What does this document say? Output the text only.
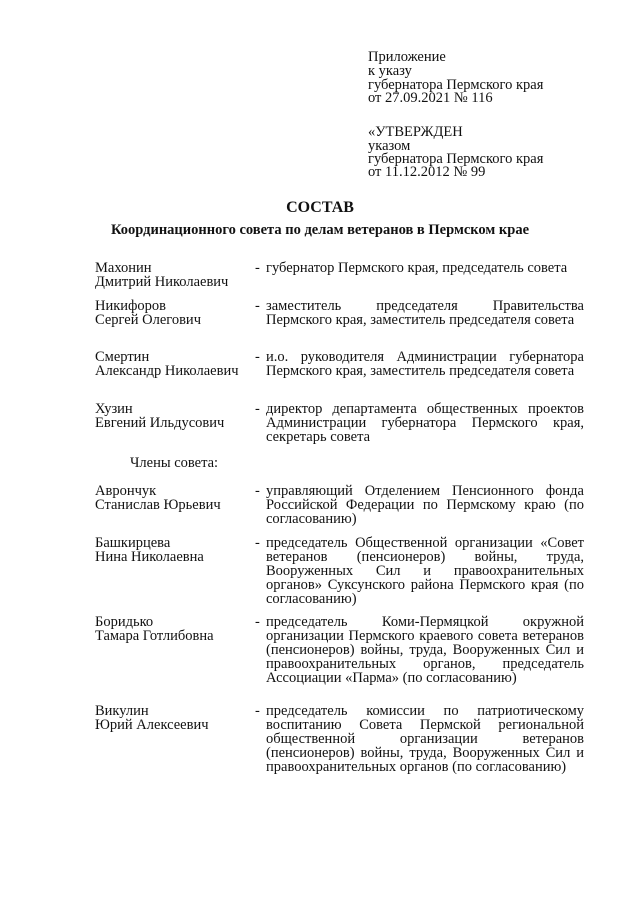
Приложение
к указу
губернатора Пермского края
от 27.09.2021 № 116
«УТВЕРЖДЕН
указом
губернатора Пермского края
от 11.12.2012 № 99
СОСТАВ
Координационного совета по делам ветеранов в Пермском крае
Махонин
Дмитрий Николаевич
- губернатор Пермского края, председатель совета
Никифоров
Сергей Олегович
- заместитель председателя Правительства Пермского края, заместитель председателя совета
Смертин
Александр Николаевич
- и.о. руководителя Администрации губернатора Пермского края, заместитель председателя совета
Хузин
Евгений Ильдусович
- директор департамента общественных проектов Администрации губернатора Пермского края, секретарь совета
Члены совета:
Аврончук
Станислав Юрьевич
- управляющий Отделением Пенсионного фонда Российской Федерации по Пермскому краю (по согласованию)
Башкирцева
Нина Николаевна
- председатель Общественной организации «Совет ветеранов (пенсионеров) войны, труда, Вооруженных Сил и правоохранительных органов» Суксунского района Пермского края (по согласованию)
Боридько
Тамара Готлибовна
- председатель Коми-Пермяцкой окружной организации Пермского краевого совета ветеранов (пенсионеров) войны, труда, Вооруженных Сил и правоохранительных органов, председатель Ассоциации «Парма» (по согласованию)
Викулин
Юрий Алексеевич
- председатель комиссии по патриотическому воспитанию Совета Пермской региональной общественной организации ветеранов (пенсионеров) войны, труда, Вооруженных Сил и правоохранительных органов (по согласованию)
